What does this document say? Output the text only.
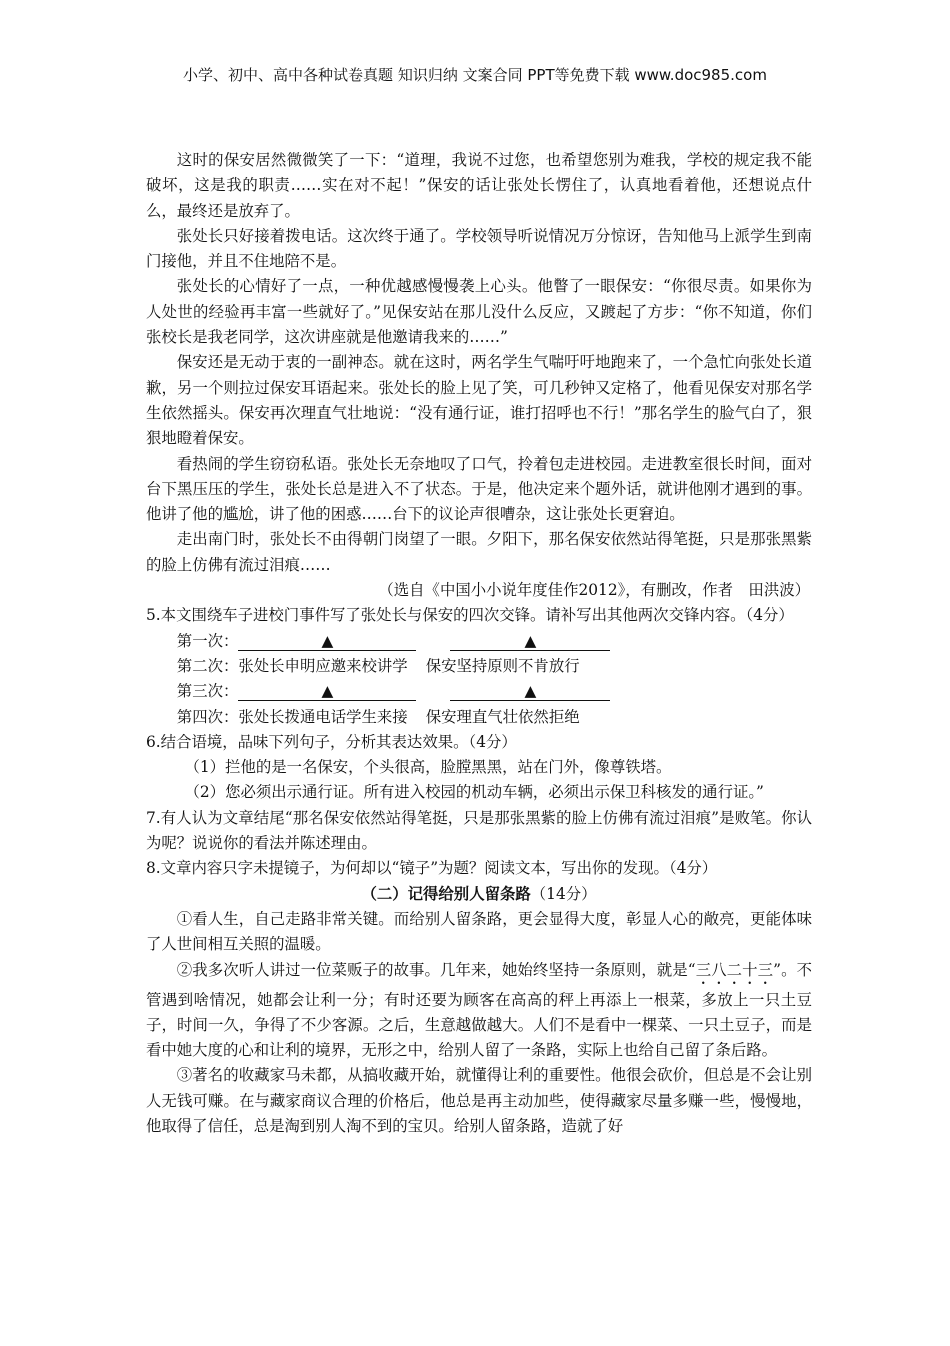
小学、初中、高中各种试卷真题 知识归纳 文案合同 PPT等免费下载 www.doc985.com

这时的保安居然微微笑了一下：“道理，我说不过您，也希望您别为难我，学校的规定我不能破坏，这是我的职责……实在对不起！”保安的话让张处长愣住了，认真地看着他，还想说点什么，最终还是放弃了。

张处长只好接着拨电话。这次终于通了。学校领导听说情况万分惊讶，告知他马上派学生到南门接他，并且不住地陪不是。

张处长的心情好了一点，一种优越感慢慢袭上心头。他瞥了一眼保安：“你很尽责。如果你为人处世的经验再丰富一些就好了。”见保安站在那儿没什么反应，又踱起了方步：“你不知道，你们张校长是我老同学，这次讲座就是他邀请我来的……”

保安还是无动于衷的一副神态。就在这时，两名学生气喘吁吁地跑来了，一个急忙向张处长道歉，另一个则拉过保安耳语起来。张处长的脸上见了笑，可几秒钟又定格了，他看见保安对那名学生依然摇头。保安再次理直气壮地说：“没有通行证，谁打招呼也不行！”那名学生的脸气白了，狠狠地瞪着保安。

看热闹的学生窃窃私语。张处长无奈地叹了口气，拎着包走进校园。走进教室很长时间，面对台下黑压压的学生，张处长总是进入不了状态。于是，他决定来个题外话，就讲他刚才遇到的事。他讲了他的尴尬，讲了他的困惑……台下的议论声很嘈杂，这让张处长更窘迫。

走出南门时，张处长不由得朝门岗望了一眼。夕阳下，那名保安依然站得笔挺，只是那张黑紫的脸上仿佛有流过泪痕……

（选自《中国小小说年度佳作2012》，有删改，作者　田洪波）

5.本文围绕车子进校门事件写了张处长与保安的四次交锋。请补写出其他两次交锋内容。（4分）

第一次：	▲	▲

第二次：张处长申明应邀来校讲学 保安坚持原则不肯放行

第三次：	▲	▲

第四次：张处长拨通电话学生来接 保安理直气壮依然拒绝

6.结合语境，品味下列句子，分析其表达效果。（4分）

（1）拦他的是一名保安，个头很高，脸膛黑黑，站在门外，像尊铁塔。

（2）您必须出示通行证。所有进入校园的机动车辆，必须出示保卫科核发的通行证。”

7.有人认为文章结尾“那名保安依然站得笔挺，只是那张黑紫的脸上仿佛有流过泪痕”是败笔。你认为呢？说说你的看法并陈述理由。

8.文章内容只字未提镜子，为何却以“镜子”为题？阅读文本，写出你的发现。（4分）

（二）记得给别人留条路（14分）

①看人生，自己走路非常关键。而给别人留条路，更会显得大度，彰显人心的敞亮，更能体味了人世间相互关照的温暖。

②我多次听人讲过一位菜贩子的故事。几年来，她始终坚持一条原则，就是“三八二十三”。不管遇到啥情况，她都会让利一分；有时还要为顾客在高高的秤上再添上一根菜，多放上一只土豆子，时间一久，争得了不少客源。之后，生意越做越大。人们不是看中一棵菜、一只土豆子，而是看中她大度的心和让利的境界，无形之中，给别人留了一条路，实际上也给自己留了条后路。

③著名的收藏家马未都，从搞收藏开始，就懂得让利的重要性。他很会砍价，但总是不会让别人无钱可赚。在与藏家商议合理的价格后，他总是再主动加些，使得藏家尽量多赚一些，慢慢地，他取得了信任，总是淘到别人淘不到的宝贝。给别人留条路，造就了好
